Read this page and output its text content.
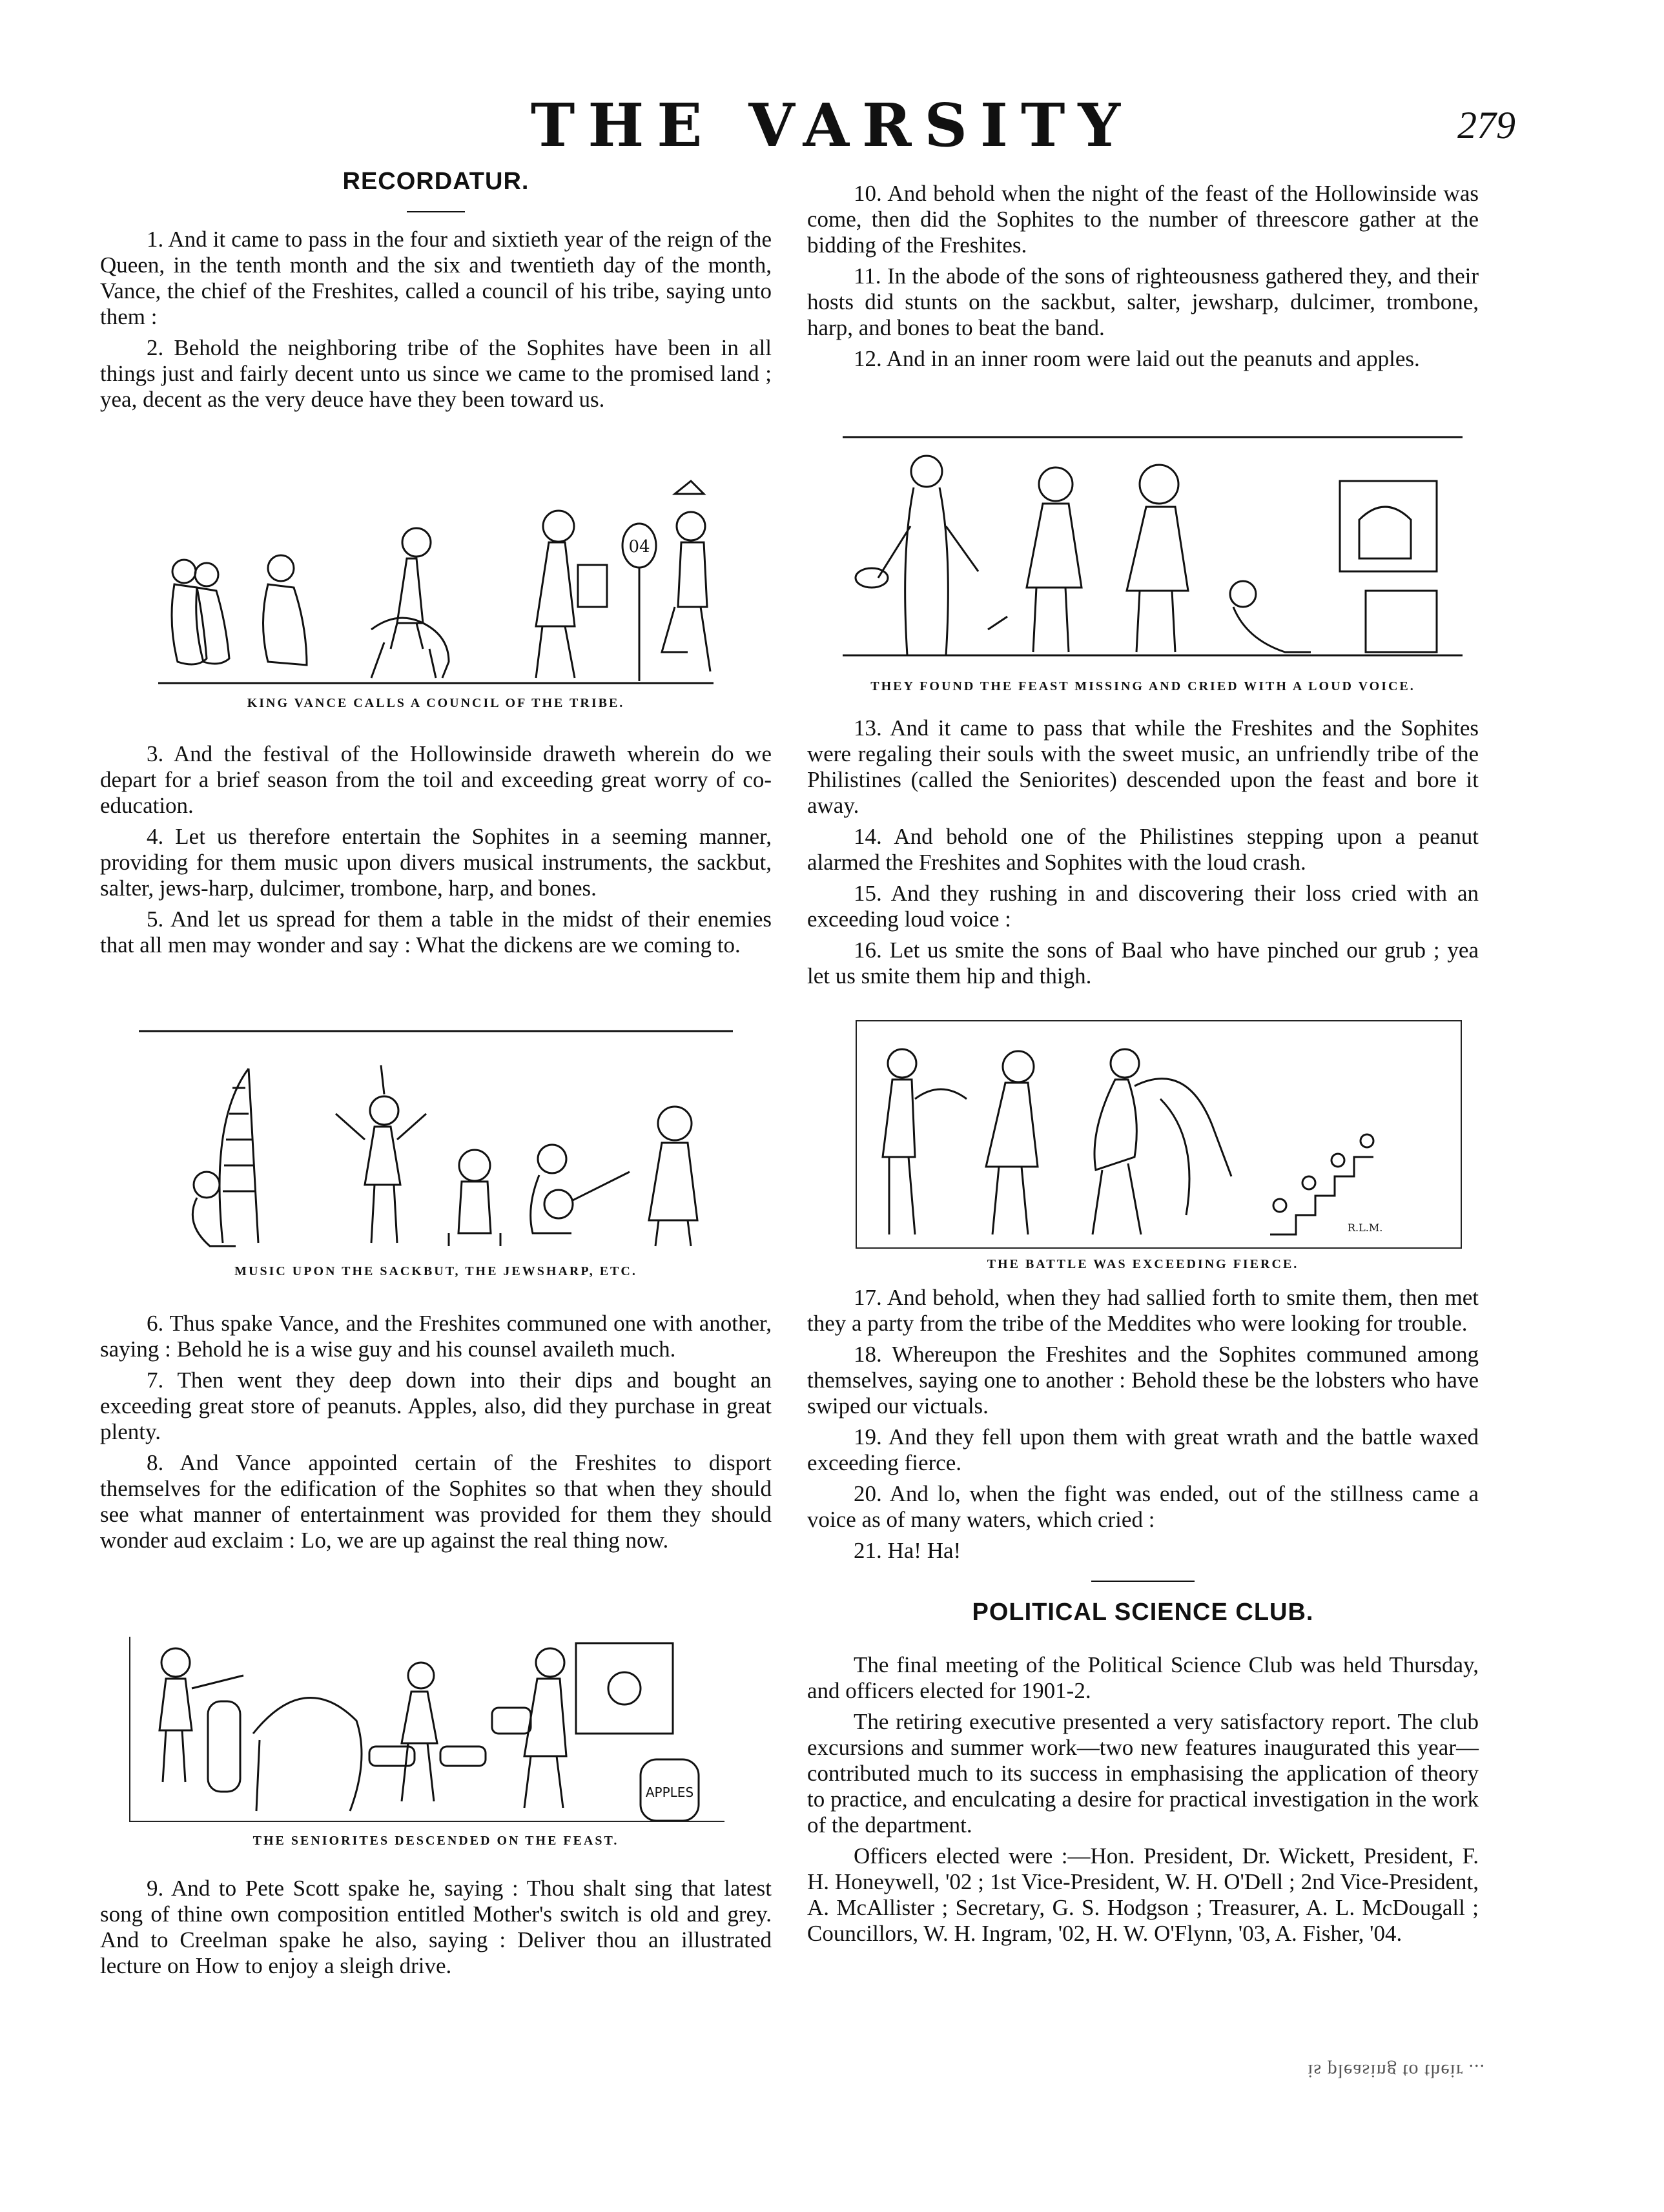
THE VARSITY	279
RECORDATUR.

1. And it came to pass in the four and sixtieth year of the reign of the Queen, in the tenth month and the six and twentieth day of the month, Vance, the chief of the Freshites, called a council of his tribe, saying unto them :

2. Behold the neighboring tribe of the Sophites have been in all things just and fairly decent unto us since we came to the promised land ; yea, decent as the very deuce have they been toward us.

04

KING VANCE CALLS A COUNCIL OF THE TRIBE.

3. And the festival of the Hollowinside draweth wherein do we depart for a brief season from the toil and exceeding great worry of co-education.

4. Let us therefore entertain the Sophites in a seeming manner, providing for them music upon divers musical instruments, the sackbut, salter, jews-harp, dulcimer, trombone, harp, and bones.

5. And let us spread for them a table in the midst of their enemies that all men may wonder and say : What the dickens are we coming to.

MUSIC UPON THE SACKBUT, THE JEWSHARP, ETC.

6. Thus spake Vance, and the Freshites communed one with another, saying : Behold he is a wise guy and his counsel availeth much.

7. Then went they deep down into their dips and bought an exceeding great store of peanuts. Apples, also, did they purchase in great plenty.

8. And Vance appointed certain of the Freshites to disport themselves for the edification of the Sophites so that when they should see what manner of entertainment was provided for them they should wonder aud exclaim : Lo, we are up against the real thing now.

APPLES

THE SENIORITES DESCENDED ON THE FEAST.

9. And to Pete Scott spake he, saying : Thou shalt sing that latest song of thine own composition entitled Mother's switch is old and grey. And to Creelman spake he also, saying : Deliver thou an illustrated lecture on How to enjoy a sleigh drive.

10. And behold when the night of the feast of the Hollowinside was come, then did the Sophites to the number of threescore gather at the bidding of the Freshites.

11. In the abode of the sons of righteousness gathered they, and their hosts did stunts on the sackbut, salter, jewsharp, dulcimer, trombone, harp, and bones to beat the band.

12. And in an inner room were laid out the peanuts and apples.

THEY FOUND THE FEAST MISSING AND CRIED WITH A LOUD VOICE.

13. And it came to pass that while the Freshites and the Sophites were regaling their souls with the sweet music, an unfriendly tribe of the Philistines (called the Seniorites) descended upon the feast and bore it away.

14. And behold one of the Philistines stepping upon a peanut alarmed the Freshites and Sophites with the loud crash.

15. And they rushing in and discovering their loss cried with an exceeding loud voice :

16. Let us smite the sons of Baal who have pinched our grub ; yea let us smite them hip and thigh.

R.L.M.

THE BATTLE WAS EXCEEDING FIERCE.

17. And behold, when they had sallied forth to smite them, then met they a party from the tribe of the Meddites who were looking for trouble.

18. Whereupon the Freshites and the Sophites communed among themselves, saying one to another : Behold these be the lobsters who have swiped our victuals.

19. And they fell upon them with great wrath and the battle waxed exceeding fierce.

20. And lo, when the fight was ended, out of the stillness came a voice as of many waters, which cried :

21. Ha! Ha!

POLITICAL SCIENCE CLUB.

The final meeting of the Political Science Club was held Thursday, and officers elected for 1901-2.

The retiring executive presented a very satisfactory report. The club excursions and summer work—two new features inaugurated this year—contributed much to its success in emphasising the application of theory to practice, and enculcating a desire for practical investigation in the work of the department.

Officers elected were :—Hon. President, Dr. Wickett, President, F. H. Honeywell, '02 ; 1st Vice-President, W. H. O'Dell ; 2nd Vice-President, A. McAllister ; Secretary, G. S. Hodgson ; Treasurer, A. L. McDougall ; Councillors, W. H. Ingram, '02, H. W. O'Flynn, '03, A. Fisher, '04.

is pleasing to their ...
